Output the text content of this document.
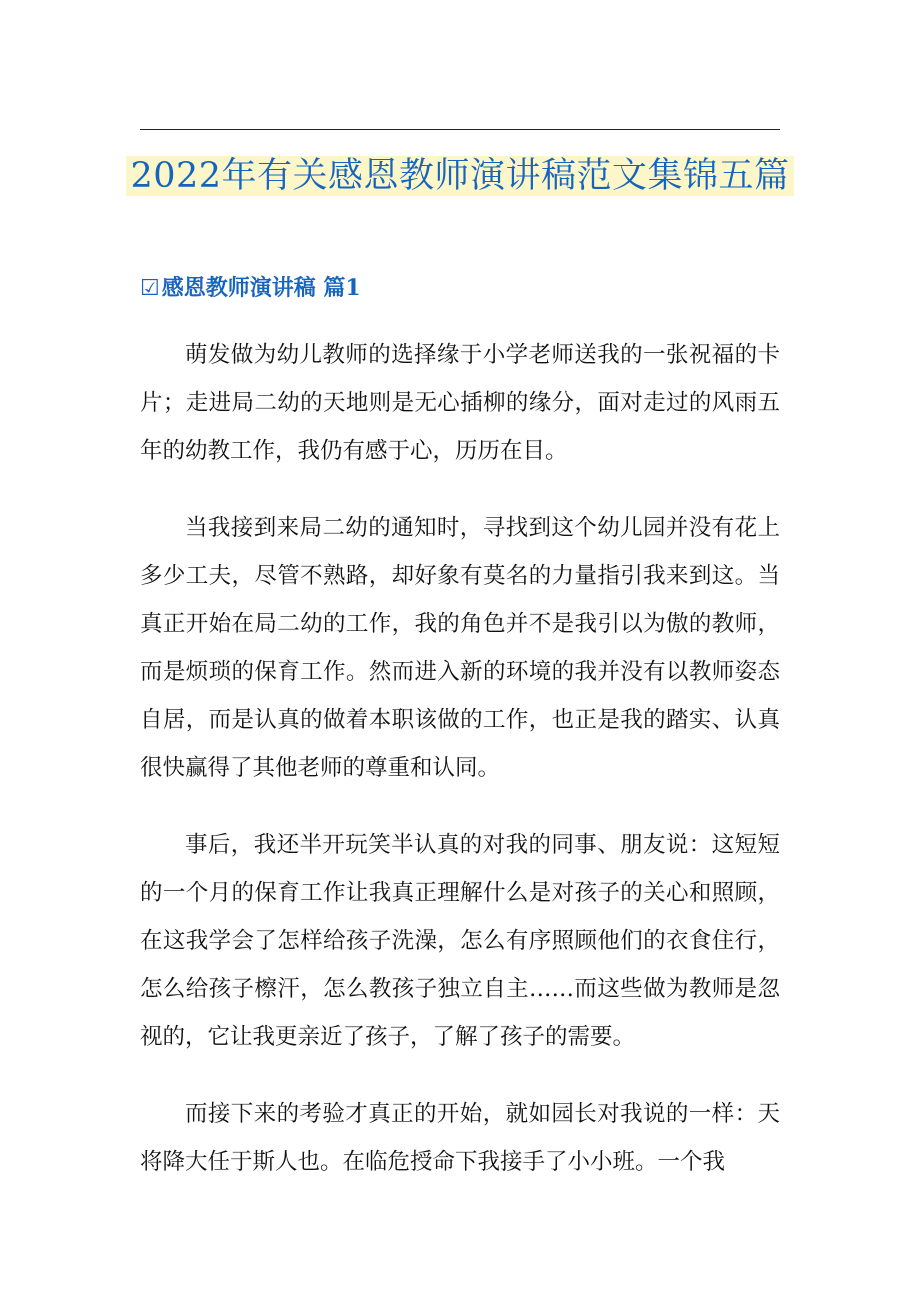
2022年有关感恩教师演讲稿范文集锦五篇
☑感恩教师演讲稿 篇1

萌发做为幼儿教师的选择缘于小学老师送我的一张祝福的卡片；走进局二幼的天地则是无心插柳的缘分，面对走过的风雨五年的幼教工作，我仍有感于心，历历在目。

当我接到来局二幼的通知时，寻找到这个幼儿园并没有花上多少工夫，尽管不熟路，却好象有莫名的力量指引我来到这。当真正开始在局二幼的工作，我的角色并不是我引以为傲的教师，而是烦琐的保育工作。然而进入新的环境的我并没有以教师姿态自居，而是认真的做着本职该做的工作，也正是我的踏实、认真很快赢得了其他老师的尊重和认同。

事后，我还半开玩笑半认真的对我的同事、朋友说：这短短的一个月的保育工作让我真正理解什么是对孩子的关心和照顾，在这我学会了怎样给孩子洗澡，怎么有序照顾他们的衣食住行，怎么给孩子檫汗，怎么教孩子独立自主……而这些做为教师是忽视的，它让我更亲近了孩子，了解了孩子的需要。

而接下来的考验才真正的开始，就如园长对我说的一样：天将降大任于斯人也。在临危授命下我接手了小小班。一个我
